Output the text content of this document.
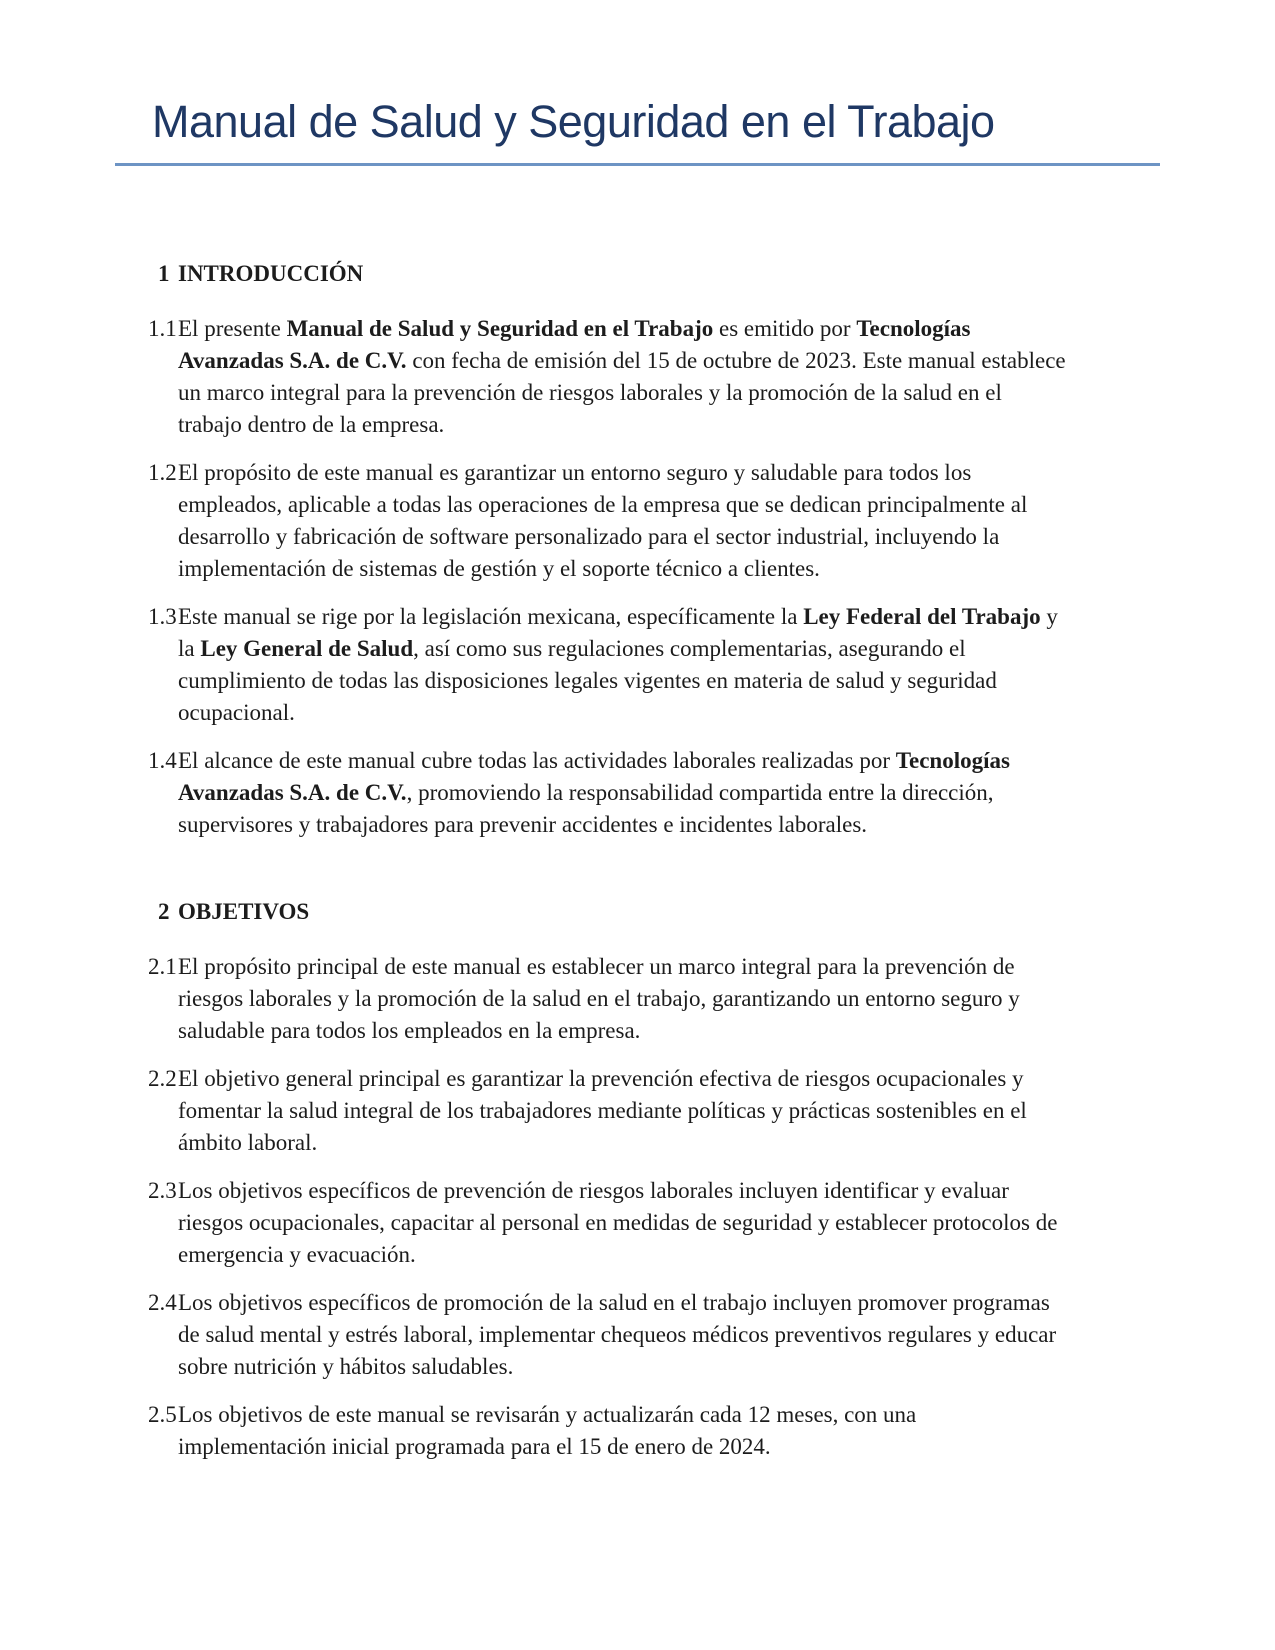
Manual de Salud y Seguridad en el Trabajo
1 INTRODUCCIÓN
1.1 El presente Manual de Salud y Seguridad en el Trabajo es emitido por Tecnologías Avanzadas S.A. de C.V. con fecha de emisión del 15 de octubre de 2023. Este manual establece un marco integral para la prevención de riesgos laborales y la promoción de la salud en el trabajo dentro de la empresa.

1.2 El propósito de este manual es garantizar un entorno seguro y saludable para todos los empleados, aplicable a todas las operaciones de la empresa que se dedican principalmente al desarrollo y fabricación de software personalizado para el sector industrial, incluyendo la implementación de sistemas de gestión y el soporte técnico a clientes.

1.3 Este manual se rige por la legislación mexicana, específicamente la Ley Federal del Trabajo y la Ley General de Salud, así como sus regulaciones complementarias, asegurando el cumplimiento de todas las disposiciones legales vigentes en materia de salud y seguridad ocupacional.

1.4 El alcance de este manual cubre todas las actividades laborales realizadas por Tecnologías Avanzadas S.A. de C.V., promoviendo la responsabilidad compartida entre la dirección, supervisores y trabajadores para prevenir accidentes e incidentes laborales.

2 OBJETIVOS
2.1 El propósito principal de este manual es establecer un marco integral para la prevención de riesgos laborales y la promoción de la salud en el trabajo, garantizando un entorno seguro y saludable para todos los empleados en la empresa.

2.2 El objetivo general principal es garantizar la prevención efectiva de riesgos ocupacionales y fomentar la salud integral de los trabajadores mediante políticas y prácticas sostenibles en el ámbito laboral.

2.3 Los objetivos específicos de prevención de riesgos laborales incluyen identificar y evaluar riesgos ocupacionales, capacitar al personal en medidas de seguridad y establecer protocolos de emergencia y evacuación.

2.4 Los objetivos específicos de promoción de la salud en el trabajo incluyen promover programas de salud mental y estrés laboral, implementar chequeos médicos preventivos regulares y educar sobre nutrición y hábitos saludables.

2.5 Los objetivos de este manual se revisarán y actualizarán cada 12 meses, con una implementación inicial programada para el 15 de enero de 2024.
